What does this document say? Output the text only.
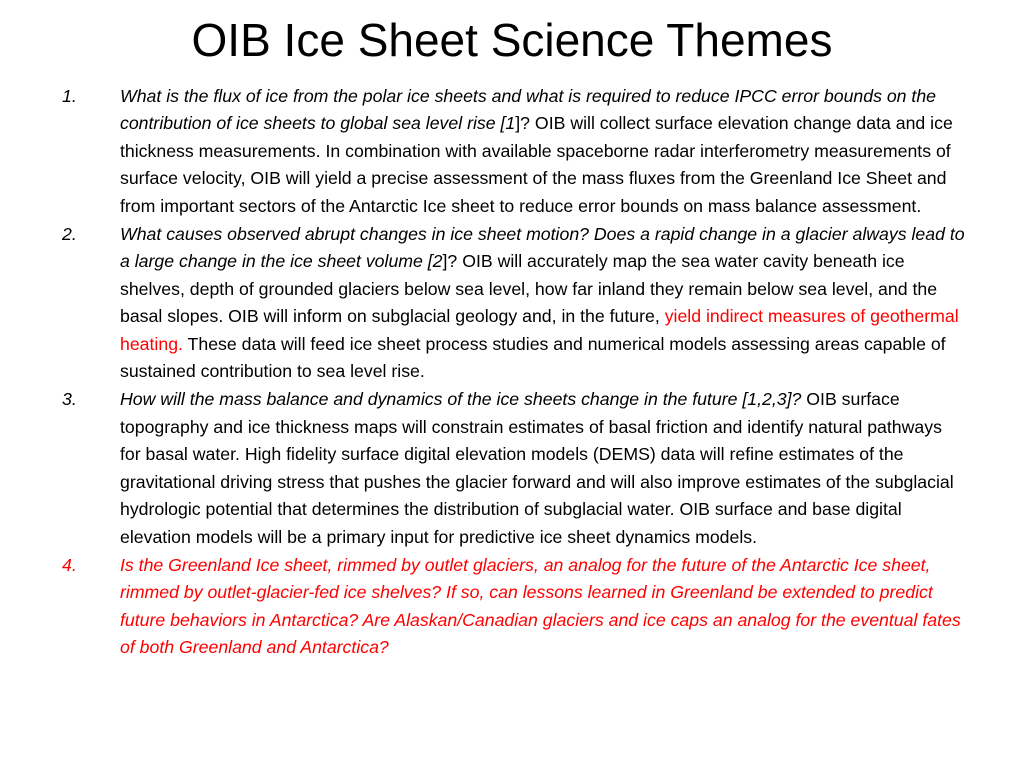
OIB Ice Sheet Science Themes
1. What is the flux of ice from the polar ice sheets and what is required to reduce IPCC error bounds on the contribution of ice sheets to global sea level rise [1]? OIB will collect surface elevation change data and ice thickness measurements. In combination with available spaceborne radar interferometry measurements of surface velocity, OIB will yield a precise assessment of the mass fluxes from the Greenland Ice Sheet and from important sectors of the Antarctic Ice sheet to reduce error bounds on mass balance assessment.
2. What causes observed abrupt changes in ice sheet motion? Does a rapid change in a glacier always lead to a large change in the ice sheet volume [2]? OIB will accurately map the sea water cavity beneath ice shelves, depth of grounded glaciers below sea level, how far inland they remain below sea level, and the basal slopes. OIB will inform on subglacial geology and, in the future, yield indirect measures of geothermal heating. These data will feed ice sheet process studies and numerical models assessing areas capable of sustained contribution to sea level rise.
3. How will the mass balance and dynamics of the ice sheets change in the future [1,2,3]? OIB surface topography and ice thickness maps will constrain estimates of basal friction and identify natural pathways for basal water. High fidelity surface digital elevation models (DEMS) data will refine estimates of the gravitational driving stress that pushes the glacier forward and will also improve estimates of the subglacial hydrologic potential that determines the distribution of subglacial water. OIB surface and base digital elevation models will be a primary input for predictive ice sheet dynamics models.
4. Is the Greenland Ice sheet, rimmed by outlet glaciers, an analog for the future of the Antarctic Ice sheet, rimmed by outlet-glacier-fed ice shelves? If so, can lessons learned in Greenland be extended to predict future behaviors in Antarctica? Are Alaskan/Canadian glaciers and ice caps an analog for the eventual fates of both Greenland and Antarctica?
